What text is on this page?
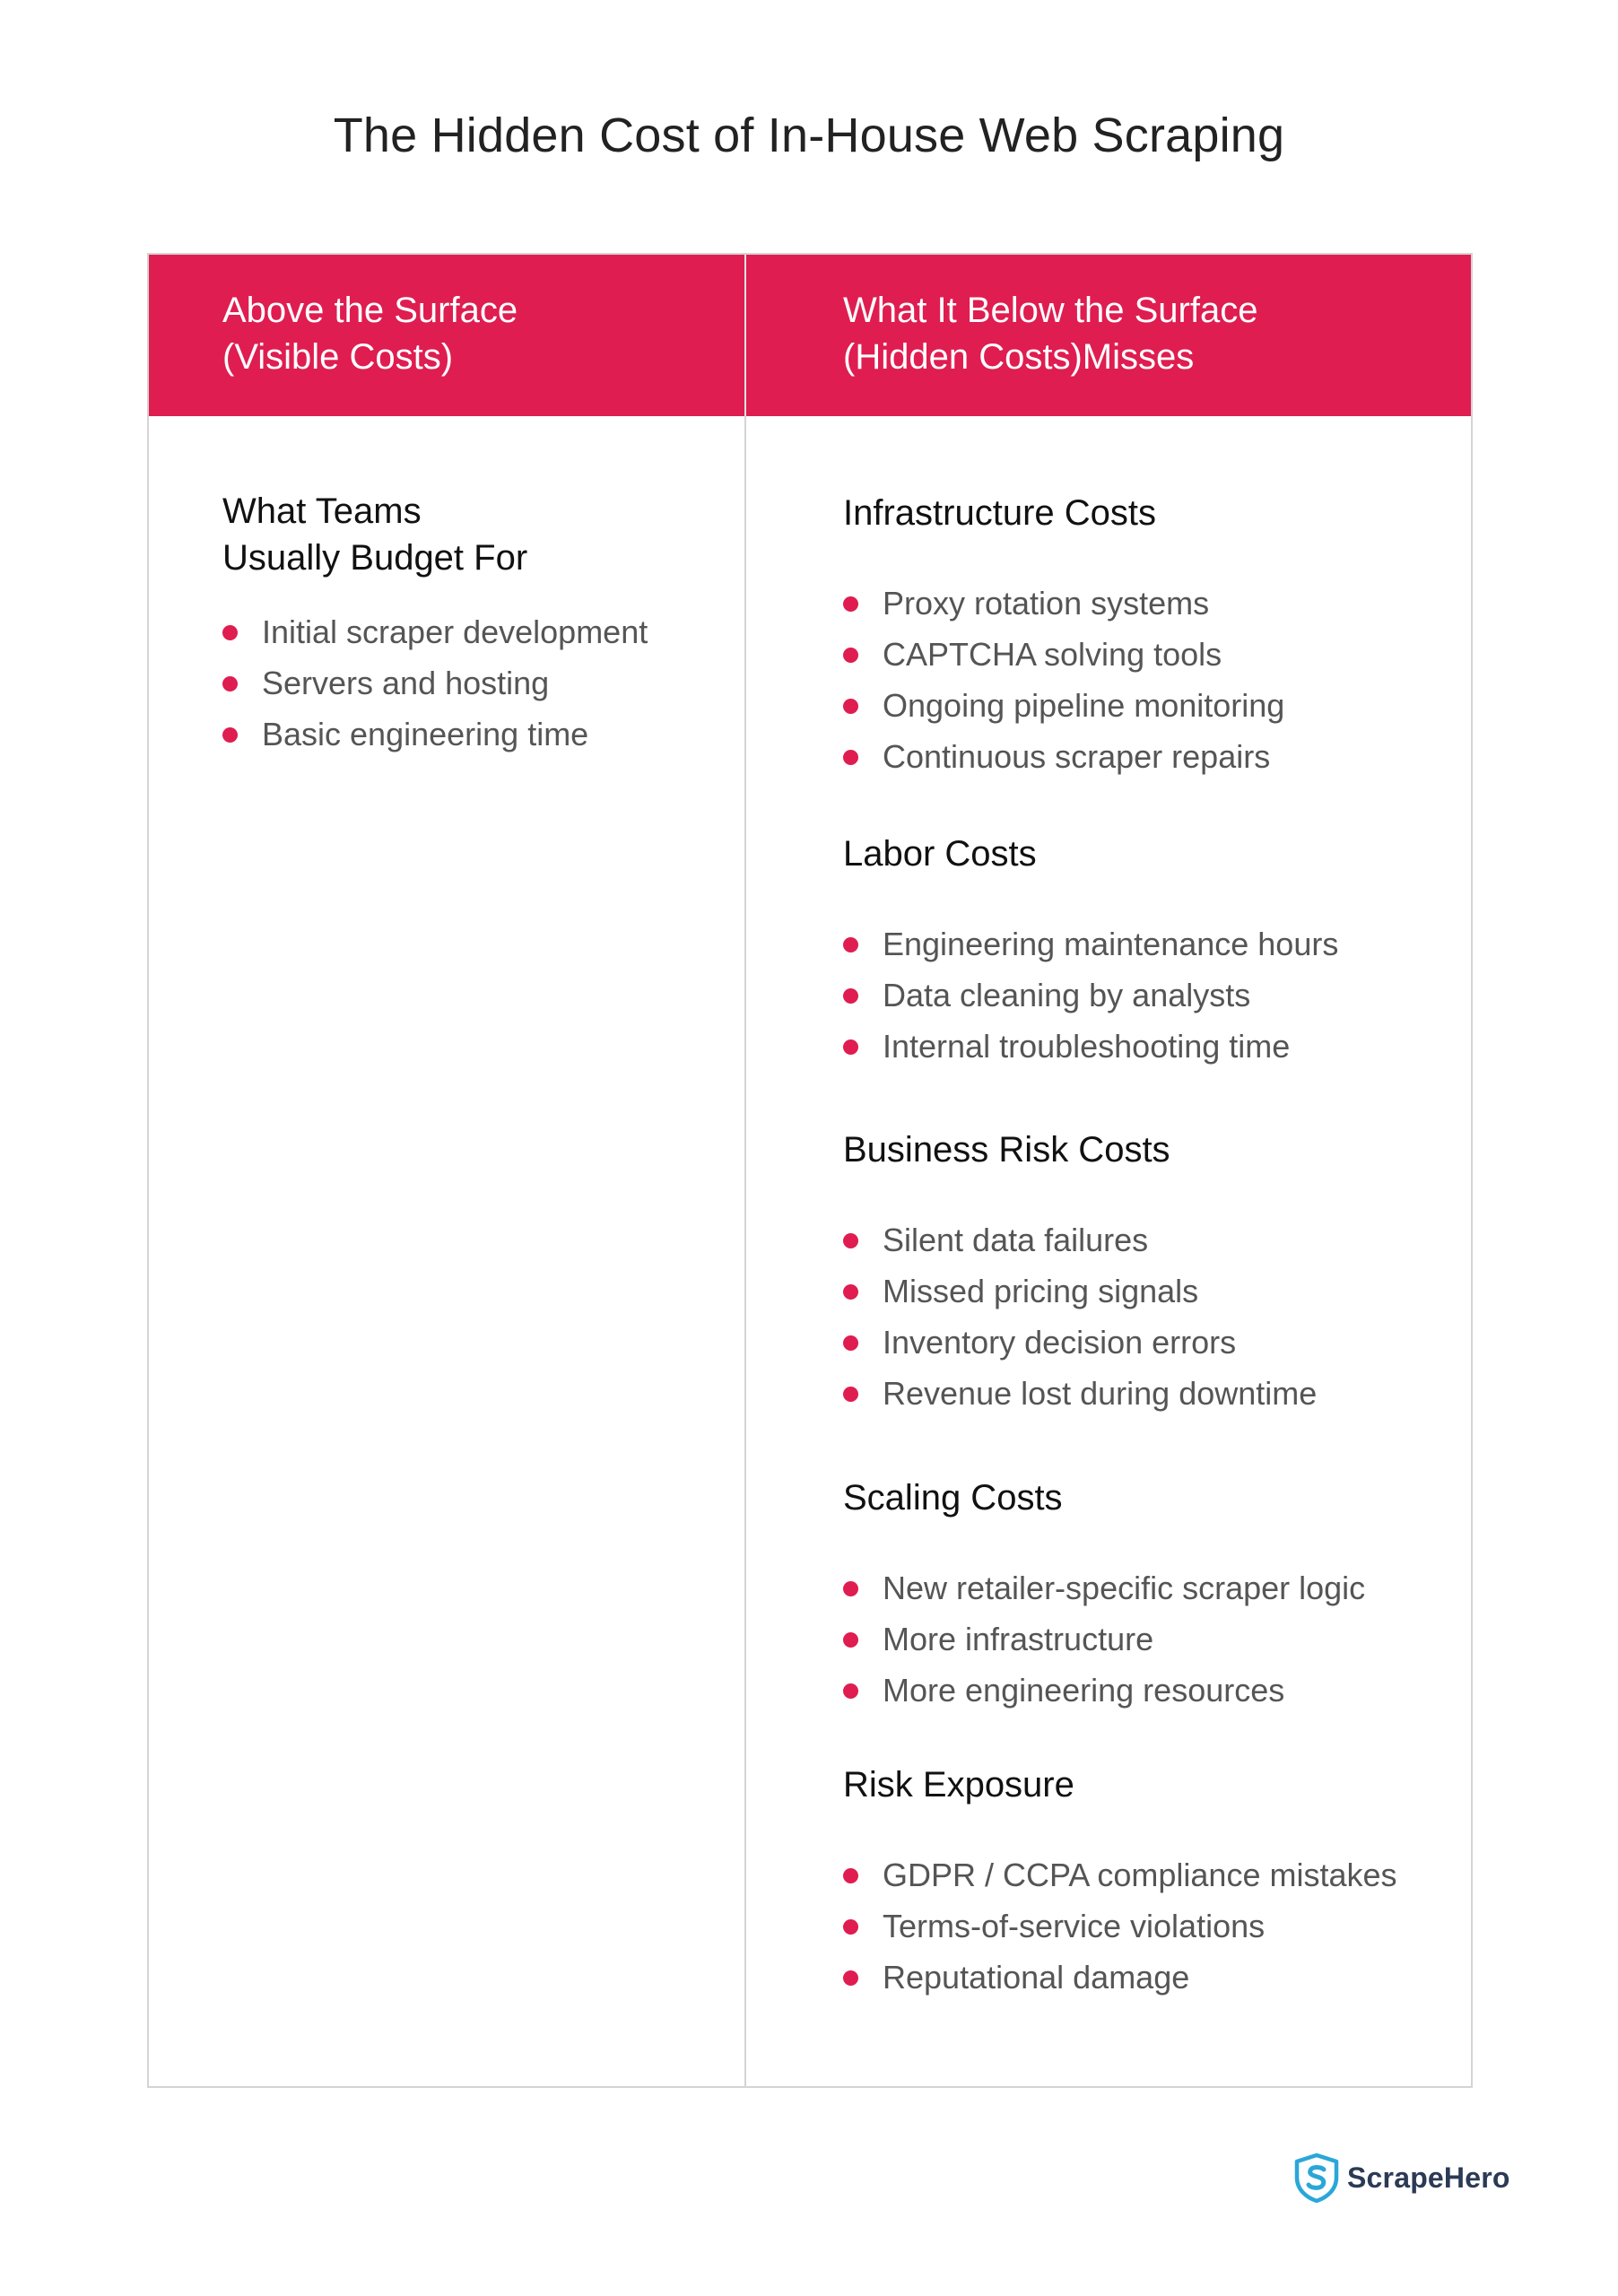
The Hidden Cost of In-House Web Scraping
Above the Surface
(Visible Costs)
What It Below the Surface
(Hidden Costs)Misses
What Teams
Usually Budget For
Initial scraper development
Servers and hosting
Basic engineering time
Infrastructure Costs
Proxy rotation systems
CAPTCHA solving tools
Ongoing pipeline monitoring
Continuous scraper repairs
Labor Costs
Engineering maintenance hours
Data cleaning by analysts
Internal troubleshooting time
Business Risk Costs
Silent data failures
Missed pricing signals
Inventory decision errors
Revenue lost during downtime
Scaling Costs
New retailer-specific scraper logic
More infrastructure
More engineering resources
Risk Exposure
GDPR / CCPA compliance mistakes
Terms-of-service violations
Reputational damage
ScrapeHero
